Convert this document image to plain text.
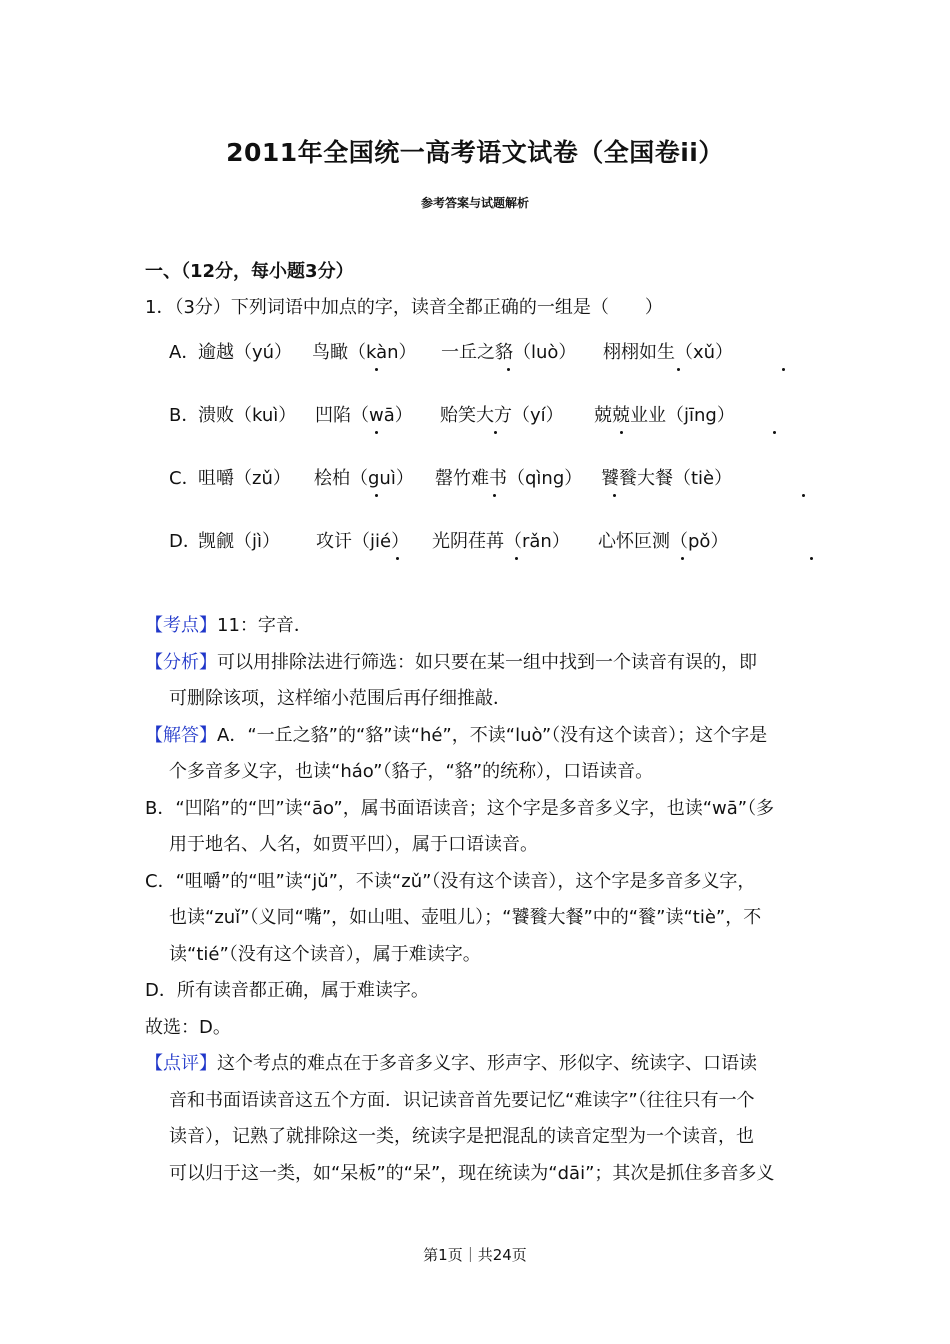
2011年全国统一高考语文试卷（全国卷ii）
参考答案与试题解析
一、（12分，每小题3分）
1．（3分）下列词语中加点的字，读音全都正确的一组是（　　）
A．
逾越（yú） 鸟瞰（kàn） 一丘之貉（luò） 栩栩如生（xǔ）
B．
溃败（kuì） 凹陷（wā） 贻笑大方（yí） 兢兢业业（jīng）
C．
咀嚼（zǔ） 桧柏（guì） 罄竹难书（qìng） 饕餮大餐（tiè）
D．
觊觎（jì） 攻讦（jié） 光阴荏苒（rǎn） 心怀叵测（pǒ）
【考点】11：字音．
【分析】可以用排除法进行筛选：如只要在某一组中找到一个读音有误的，即
可删除该项，这样缩小范围后再仔细推敲．
【解答】A．“一丘之貉”的“貉”读“hé”，不读“luò”（没有这个读音）；这个字是
个多音多义字，也读“háo”（貉子，“貉”的统称），口语读音。
B．“凹陷”的“凹”读“āo”，属书面语读音；这个字是多音多义字，也读“wā”（多
用于地名、人名，如贾平凹），属于口语读音。
C．“咀嚼”的“咀”读“jǔ”，不读“zǔ”（没有这个读音），这个字是多音多义字，
也读“zuǐ”（义同“嘴”，如山咀、壶咀儿）；“饕餮大餐”中的“餮”读“tiè”，不
读“tié”（没有这个读音），属于难读字。
D．所有读音都正确，属于难读字。
故选：D。
【点评】这个考点的难点在于多音多义字、形声字、形似字、统读字、口语读
音和书面语读音这五个方面．识记读音首先要记忆“难读字”（往往只有一个
读音），记熟了就排除这一类，统读字是把混乱的读音定型为一个读音，也
可以归于这一类，如“呆板”的“呆”，现在统读为“dāi”；其次是抓住多音多义
第1页｜共24页
